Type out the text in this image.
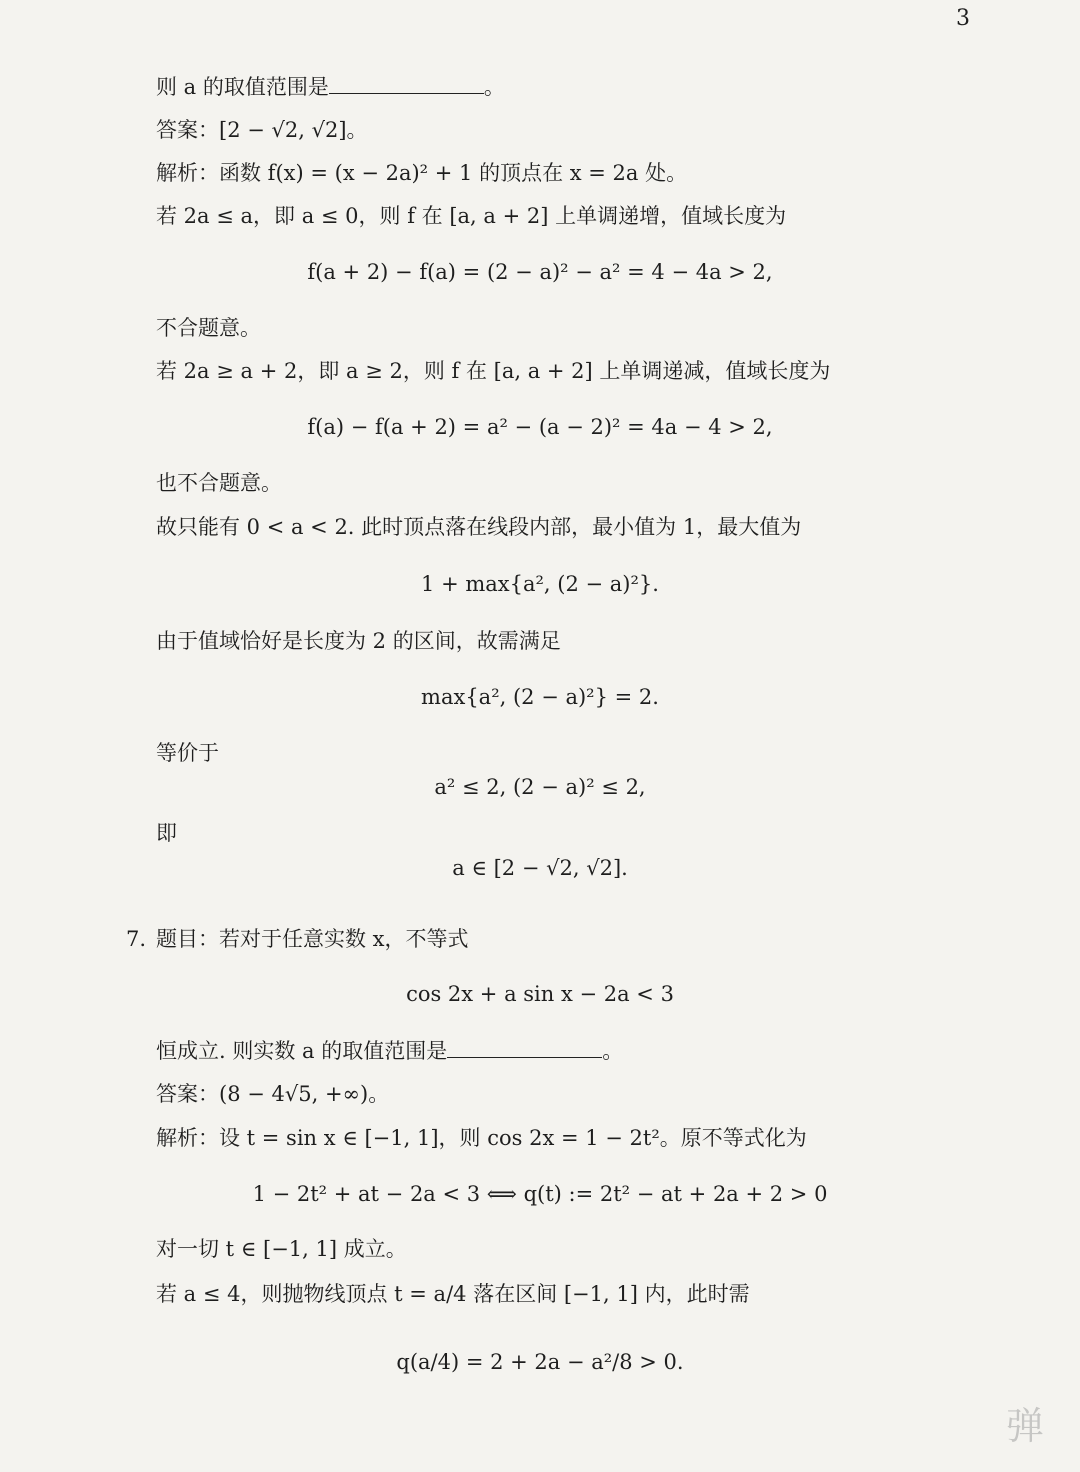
3
则 a 的取值范围是	。
答案：[2 − √2, √2]。
解析：函数 f(x) = (x − 2a)² + 1 的顶点在 x = 2a 处。
若 2a ≤ a，即 a ≤ 0，则 f 在 [a, a + 2] 上单调递增，值域长度为
f(a + 2) − f(a) = (2 − a)² − a² = 4 − 4a > 2,
不合题意。
若 2a ≥ a + 2，即 a ≥ 2，则 f 在 [a, a + 2] 上单调递减，值域长度为
f(a) − f(a + 2) = a² − (a − 2)² = 4a − 4 > 2,
也不合题意。
故只能有 0 < a < 2. 此时顶点落在线段内部，最小值为 1，最大值为
1 + max{a², (2 − a)²}.
由于值域恰好是长度为 2 的区间，故需满足
max{a², (2 − a)²} = 2.
等价于
a² ≤ 2, (2 − a)² ≤ 2,
即
a ∈ [2 − √2, √2].
7. 题目：若对于任意实数 x，不等式
cos 2x + a sin x − 2a < 3
恒成立. 则实数 a 的取值范围是	。
答案：(8 − 4√5, +∞)。
解析：设 t = sin x ∈ [−1, 1]，则 cos 2x = 1 − 2t²。原不等式化为
1 − 2t² + at − 2a < 3 ⟺ q(t) := 2t² − at + 2a + 2 > 0
对一切 t ∈ [−1, 1] 成立。
若 a ≤ 4，则抛物线顶点 t = a/4 落在区间 [−1, 1] 内，此时需
q(a/4) = 2 + 2a − a²/8 > 0.
弹
